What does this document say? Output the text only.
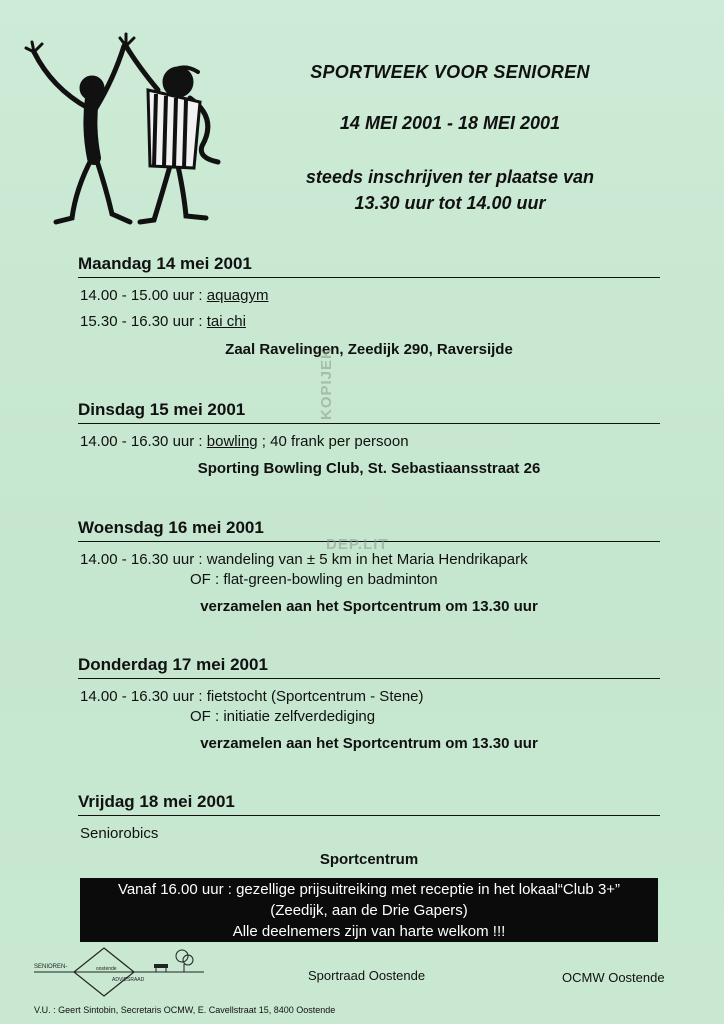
SPORTWEEK VOOR SENIOREN
14 MEI 2001 - 18 MEI 2001
steeds inschrijven ter plaatse van
13.30 uur tot 14.00 uur
Maandag 14 mei 2001
14.00 - 15.00 uur : aquagym
15.30 - 16.30 uur : tai chi
Zaal Ravelingen, Zeedijk 290, Raversijde
Dinsdag 15 mei 2001
14.00 - 16.30 uur : bowling ; 40 frank per persoon
Sporting Bowling Club, St. Sebastiaansstraat 26
Woensdag 16 mei 2001
14.00 - 16.30 uur : wandeling van ± 5 km in het Maria Hendrikapark
OF : flat-green-bowling en badminton
verzamelen aan het Sportcentrum om 13.30 uur
Donderdag 17 mei 2001
14.00 - 16.30 uur : fietstocht (Sportcentrum - Stene)
OF : initiatie zelfverdediging
verzamelen aan het Sportcentrum om 13.30 uur
Vrijdag 18 mei 2001
Seniorobics
Sportcentrum
Vanaf 16.00 uur : gezellige prijsuitreiking met receptie in het lokaal“Club 3+”
(Zeedijk, aan de Drie Gapers)
Alle deelnemers zijn van harte welkom !!!
SENIOREN-	oostende
ADVIESRAAD	Sportraad Oostende	OCMW Oostende
V.U. : Geert Sintobin, Secretaris OCMW, E. Cavellstraat 15, 8400 Oostende
KOPIJEK
DEP.LIT
